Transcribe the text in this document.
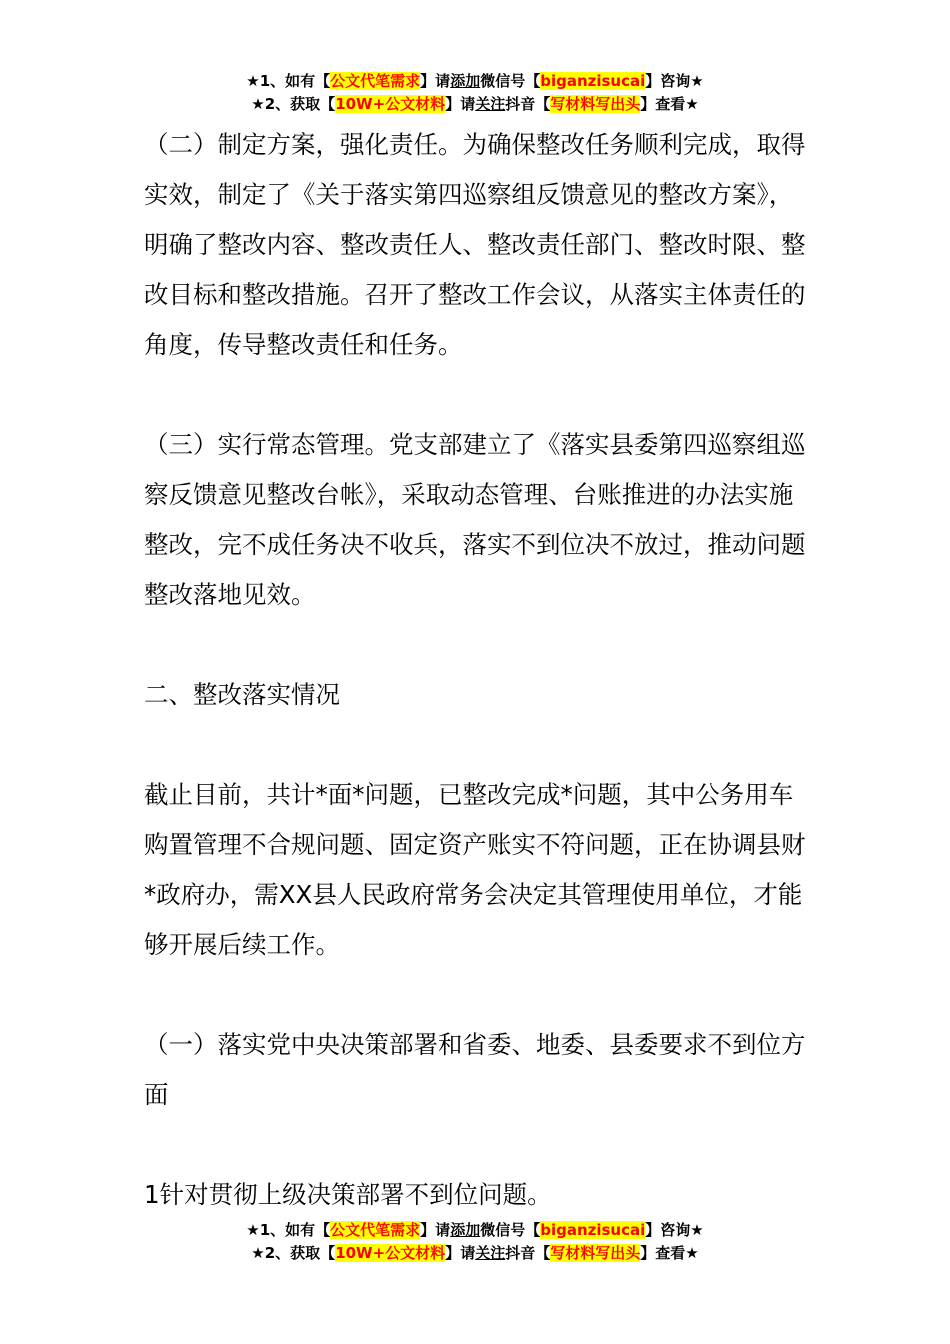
★1、如有【公文代笔需求】请添加微信号【biganzisucai】咨询★
★2、获取【10W+公文材料】请关注抖音【写材料写出头】查看★

（二）制定方案，强化责任。为确保整改任务顺利完成，取得实效，制定了《关于落实第四巡察组反馈意见的整改方案》，明确了整改内容、整改责任人、整改责任部门、整改时限、整改目标和整改措施。召开了整改工作会议，从落实主体责任的角度，传导整改责任和任务。

（三）实行常态管理。党支部建立了《落实县委第四巡察组巡察反馈意见整改台帐》，采取动态管理、台账推进的办法实施整改，完不成任务决不收兵，落实不到位决不放过，推动问题整改落地见效。

二、整改落实情况

截止目前，共计*面*问题，已整改完成*问题，其中公务用车购置管理不合规问题、固定资产账实不符问题，正在协调县财*政府办，需XX县人民政府常务会决定其管理使用单位，才能够开展后续工作。

（一）落实党中央决策部署和省委、地委、县委要求不到位方面

1针对贯彻上级决策部署不到位问题。

★1、如有【公文代笔需求】请添加微信号【biganzisucai】咨询★
★2、获取【10W+公文材料】请关注抖音【写材料写出头】查看★
